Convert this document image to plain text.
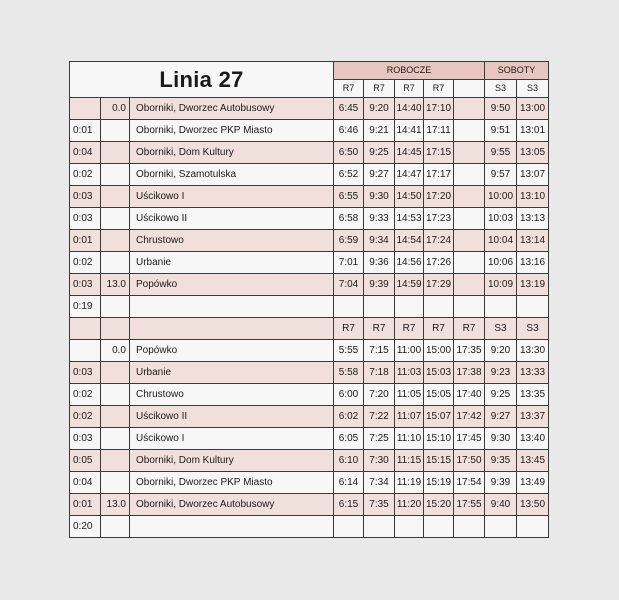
Linia 27			ROBOCZE					SOBOTY	
			R7	R7	R7	R7		S3	S3
	0.0	Oborniki, Dworzec Autobusowy	6:45	9:20	14:40	17:10		9:50	13:00
0:01		Oborniki, Dworzec PKP Miasto	6:46	9:21	14:41	17:11		9:51	13:01
0:04		Oborniki, Dom Kultury	6:50	9:25	14:45	17:15		9:55	13:05
0:02		Oborniki, Szamotulska	6:52	9:27	14:47	17:17		9:57	13:07
0:03		Uścikowo I	6:55	9:30	14:50	17:20		10:00	13:10
0:03		Uścikowo II	6:58	9:33	14:53	17:23		10:03	13:13
0:01		Chrustowo	6:59	9:34	14:54	17:24		10:04	13:14
0:02		Urbanie	7:01	9:36	14:56	17:26		10:06	13:16
0:03	13.0	Popówko	7:04	9:39	14:59	17:29		10:09	13:19
0:19									
			R7	R7	R7	R7	R7	S3	S3
	0.0	Popówko	5:55	7:15	11:00	15:00	17:35	9:20	13:30
0:03		Urbanie	5:58	7:18	11:03	15:03	17:38	9:23	13:33
0:02		Chrustowo	6:00	7:20	11:05	15:05	17:40	9:25	13:35
0:02		Uścikowo II	6:02	7:22	11:07	15:07	17:42	9:27	13:37
0:03		Uścikowo I	6:05	7:25	11:10	15:10	17:45	9:30	13:40
0:05		Oborniki, Dom Kultury	6:10	7:30	11:15	15:15	17:50	9:35	13:45
0:04		Oborniki, Dworzec PKP Miasto	6:14	7:34	11:19	15:19	17:54	9:39	13:49
0:01	13.0	Oborniki, Dworzec Autobusowy	6:15	7:35	11:20	15:20	17:55	9:40	13:50
0:20									
